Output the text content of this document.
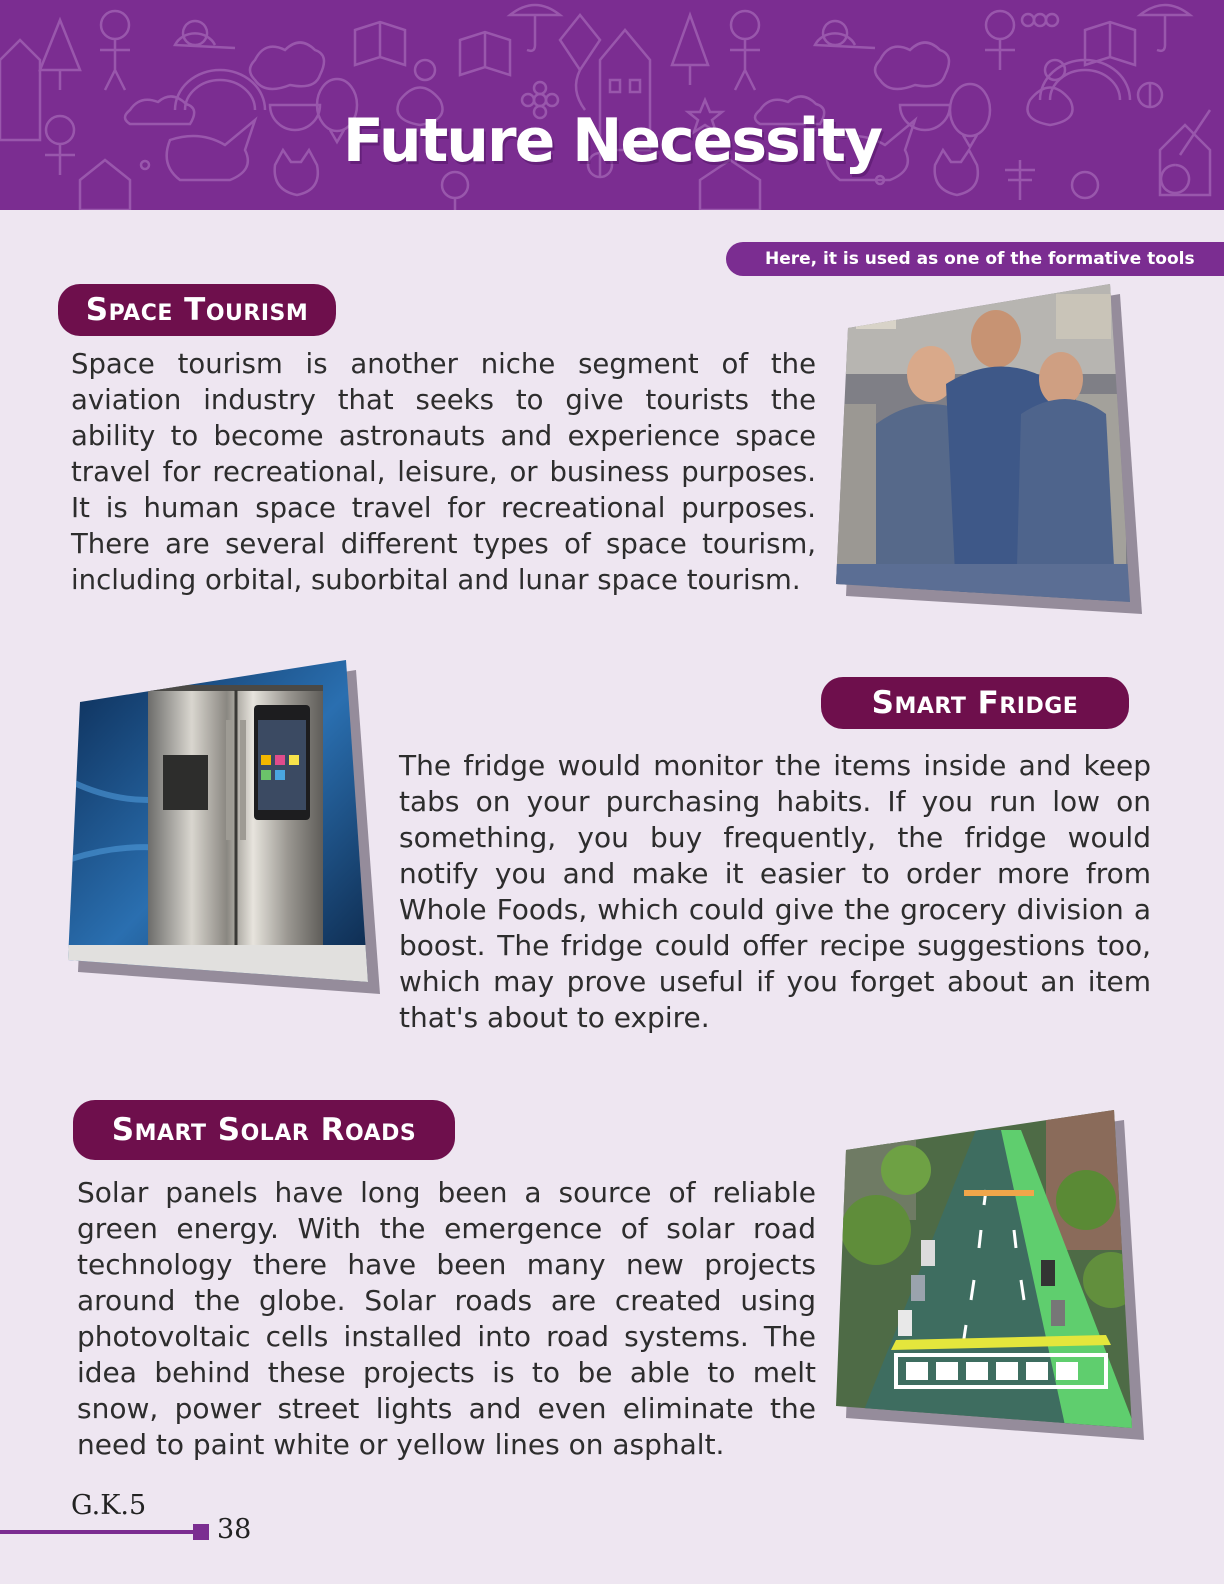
Future Necessity
Here, it is used as one of the formative tools
Space Tourism
Space tourism is another niche segment of the aviation industry that seeks to give tourists the ability to become astronauts and experience space travel for recreational, leisure, or business purposes. It is human space travel for recreational purposes. There are several different types of space tourism, including orbital, suborbital and lunar space tourism.
Smart Fridge
The fridge would monitor the items inside and keep tabs on your purchasing habits. If you run low on something, you buy frequently, the fridge would notify you and make it easier to order more from Whole Foods, which could give the grocery division a boost. The fridge could offer recipe suggestions too, which may prove useful if you forget about an item that's about to expire.
Smart Solar Roads
Solar panels have long been a source of reliable green energy. With the emergence of solar road technology there have been many new projects around the globe. Solar roads are created using photovoltaic cells installed into road systems. The idea behind these projects is to be able to melt snow, power street lights and even eliminate the need to paint white or yellow lines on asphalt.
G.K.5
38
